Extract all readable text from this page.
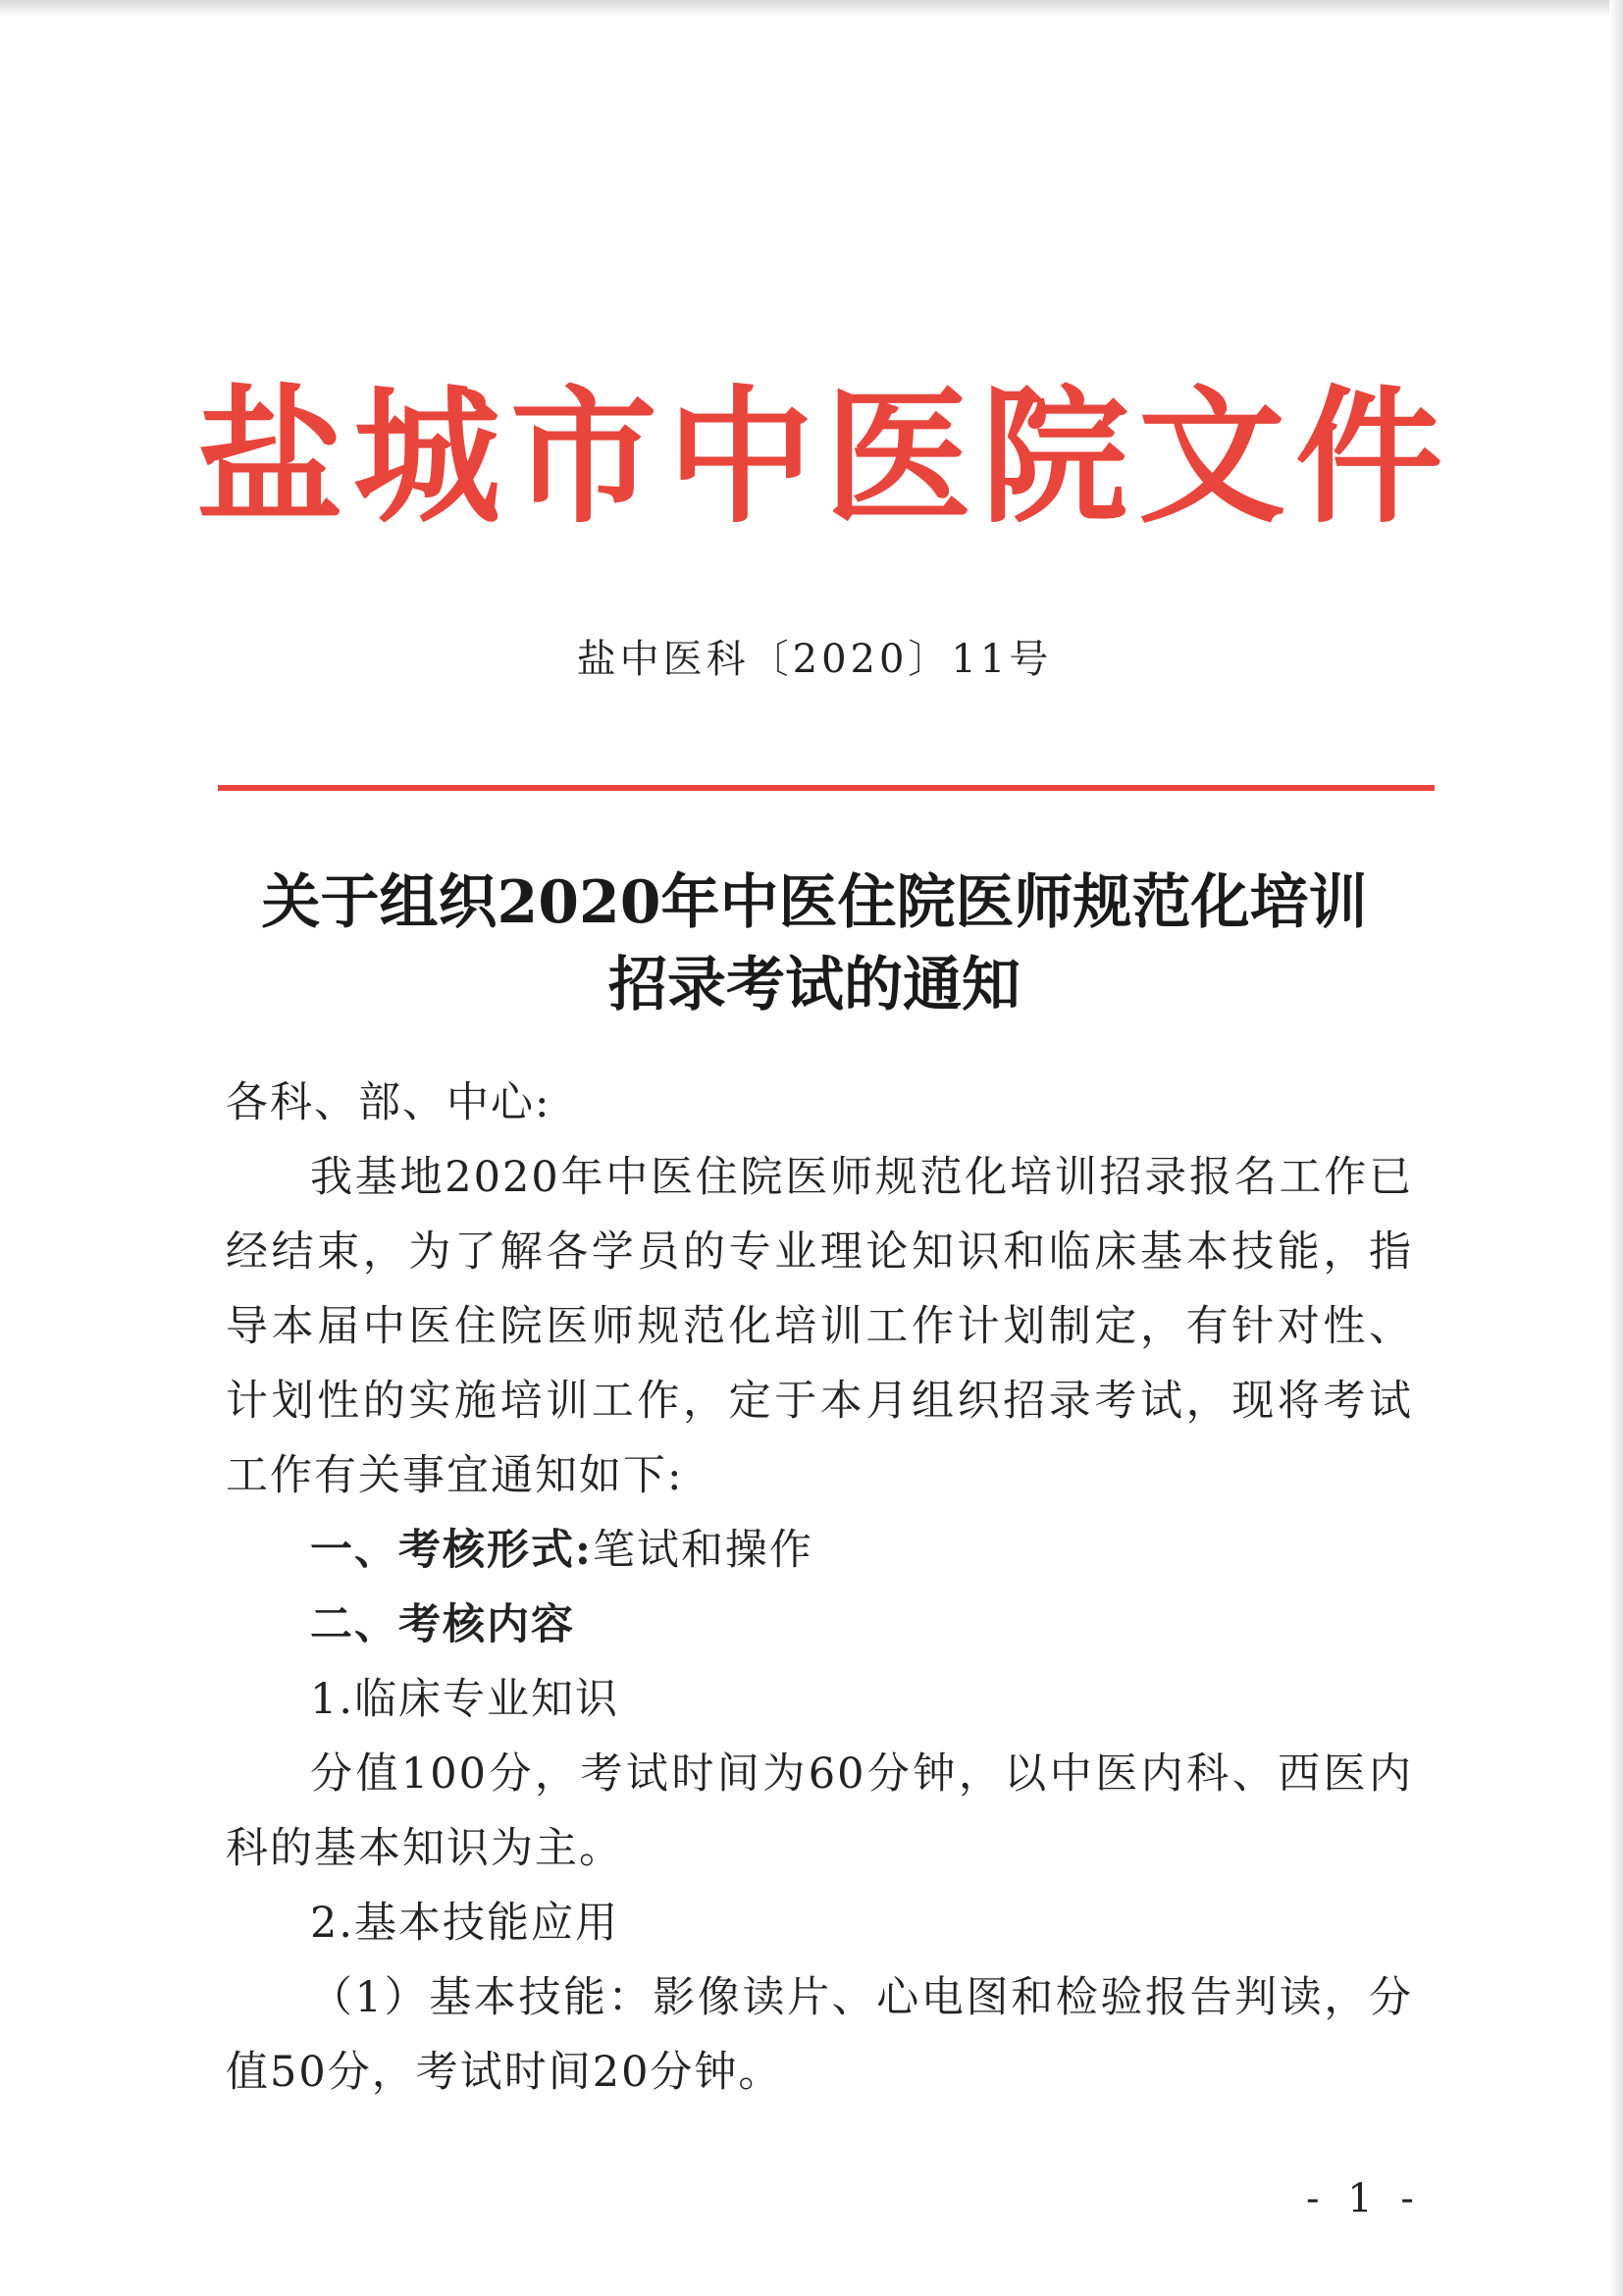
盐城市中医院文件
盐中医科〔2020〕11号
关于组织2020年中医住院医师规范化培训
招录考试的通知

各科、部、中心:

我基地2020年中医住院医师规范化培训招录报名工作已经结束，为了解各学员的专业理论知识和临床基本技能，指导本届中医住院医师规范化培训工作计划制定，有针对性、计划性的实施培训工作，定于本月组织招录考试，现将考试工作有关事宜通知如下:

一、考核形式:笔试和操作

二、考核内容

1.临床专业知识

分值100分，考试时间为60分钟，以中医内科、西医内科的基本知识为主。

2.基本技能应用

（1）基本技能：影像读片、心电图和检验报告判读，分值50分，考试时间20分钟。

- 1 -
